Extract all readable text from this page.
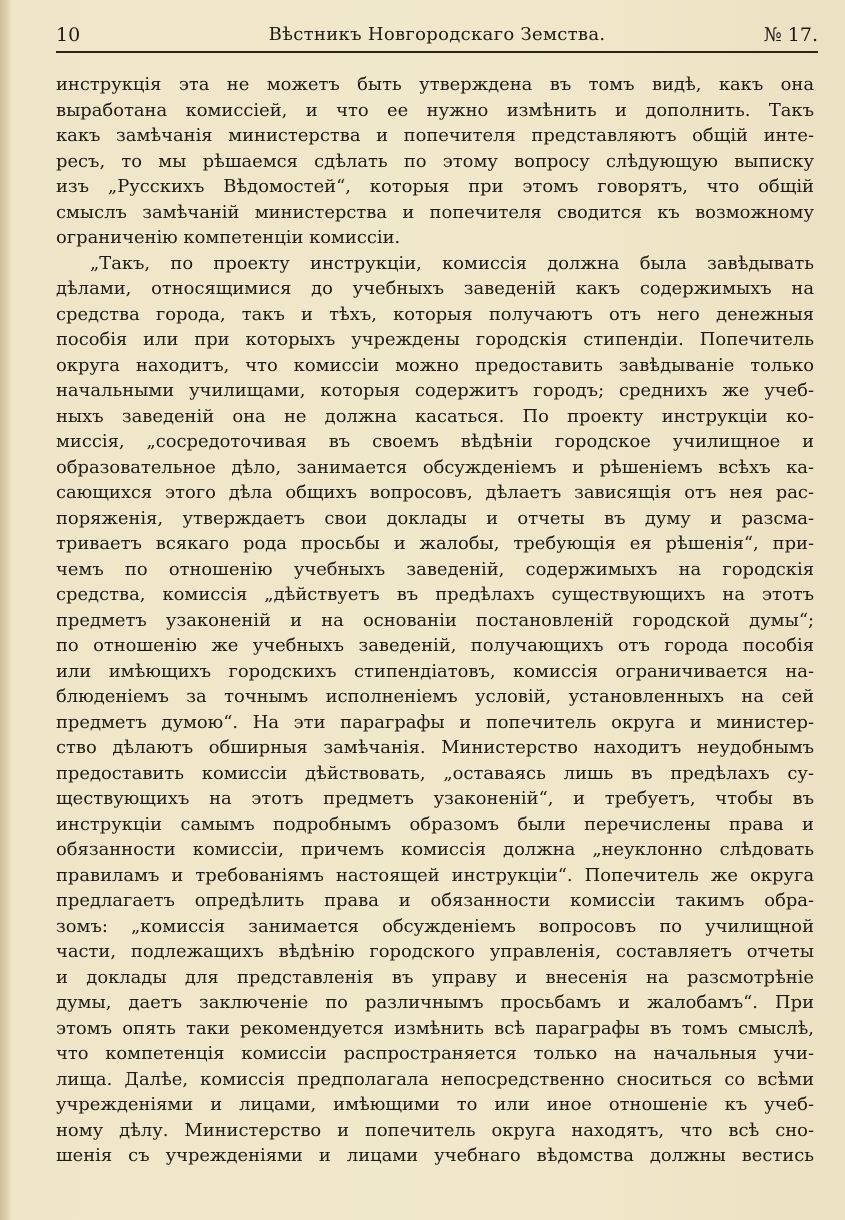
10	Вѣстникъ Новгородскаго Земства.	№ 17.
инструкція эта не можетъ быть утверждена въ томъ видѣ, какъ она
выработана комиссіей, и что ее нужно измѣнить и дополнить. Такъ
какъ замѣчанія министерства и попечителя представляютъ общій инте-
ресъ, то мы рѣшаемся сдѣлать по этому вопросу слѣдующую выписку
изъ „Русскихъ Вѣдомостей“, которыя при этомъ говорятъ, что общій
смыслъ замѣчаній министерства и попечителя сводится къ возможному
ограниченію компетенціи комиссіи.
„Такъ, по проекту инструкціи, комиссія должна была завѣдывать
дѣлами, относящимися до учебныхъ заведеній какъ содержимыхъ на
средства города, такъ и тѣхъ, которыя получаютъ отъ него денежныя
пособія или при которыхъ учреждены городскія стипендіи. Попечитель
округа находитъ, что комиссіи можно предоставить завѣдываніе только
начальными училищами, которыя содержитъ городъ; среднихъ же учеб-
ныхъ заведеній она не должна касаться. По проекту инструкціи ко-
миссія, „сосредоточивая въ своемъ вѣдѣніи городское училищное и
образовательное дѣло, занимается обсужденіемъ и рѣшеніемъ всѣхъ ка-
сающихся этого дѣла общихъ вопросовъ, дѣлаетъ зависящія отъ нея рас-
поряженія, утверждаетъ свои доклады и отчеты въ думу и разсма-
триваетъ всякаго рода просьбы и жалобы, требующія ея рѣшенія“, при-
чемъ по отношенію учебныхъ заведеній, содержимыхъ на городскія
средства, комиссія „дѣйствуетъ въ предѣлахъ существующихъ на этотъ
предметъ узаконеній и на основаніи постановленій городской думы“;
по отношенію же учебныхъ заведеній, получающихъ отъ города пособія
или имѣющихъ городскихъ стипендіатовъ, комиссія ограничивается на-
блюденіемъ за точнымъ исполненіемъ условій, установленныхъ на сей
предметъ думою“. На эти параграфы и попечитель округа и министер-
ство дѣлаютъ обширныя замѣчанія. Министерство находитъ неудобнымъ
предоставить комиссіи дѣйствовать, „оставаясь лишь въ предѣлахъ су-
ществующихъ на этотъ предметъ узаконеній“, и требуетъ, чтобы въ
инструкціи самымъ подробнымъ образомъ были перечислены права и
обязанности комиссіи, причемъ комиссія должна „неуклонно слѣдовать
правиламъ и требованіямъ настоящей инструкціи“. Попечитель же округа
предлагаетъ опредѣлить права и обязанности комиссіи такимъ обра-
зомъ: „комиссія занимается обсужденіемъ вопросовъ по училищной
части, подлежащихъ вѣдѣнію городского управленія, составляетъ отчеты
и доклады для представленія въ управу и внесенія на разсмотрѣніе
думы, даетъ заключеніе по различнымъ просьбамъ и жалобамъ“. При
этомъ опять таки рекомендуется измѣнить всѣ параграфы въ томъ смыслѣ,
что компетенція комиссіи распространяется только на начальныя учи-
лища. Далѣе, комиссія предполагала непосредственно сноситься со всѣми
учрежденіями и лицами, имѣющими то или иное отношеніе къ учеб-
ному дѣлу. Министерство и попечитель округа находятъ, что всѣ сно-
шенія съ учрежденіями и лицами учебнаго вѣдомства должны вестись
